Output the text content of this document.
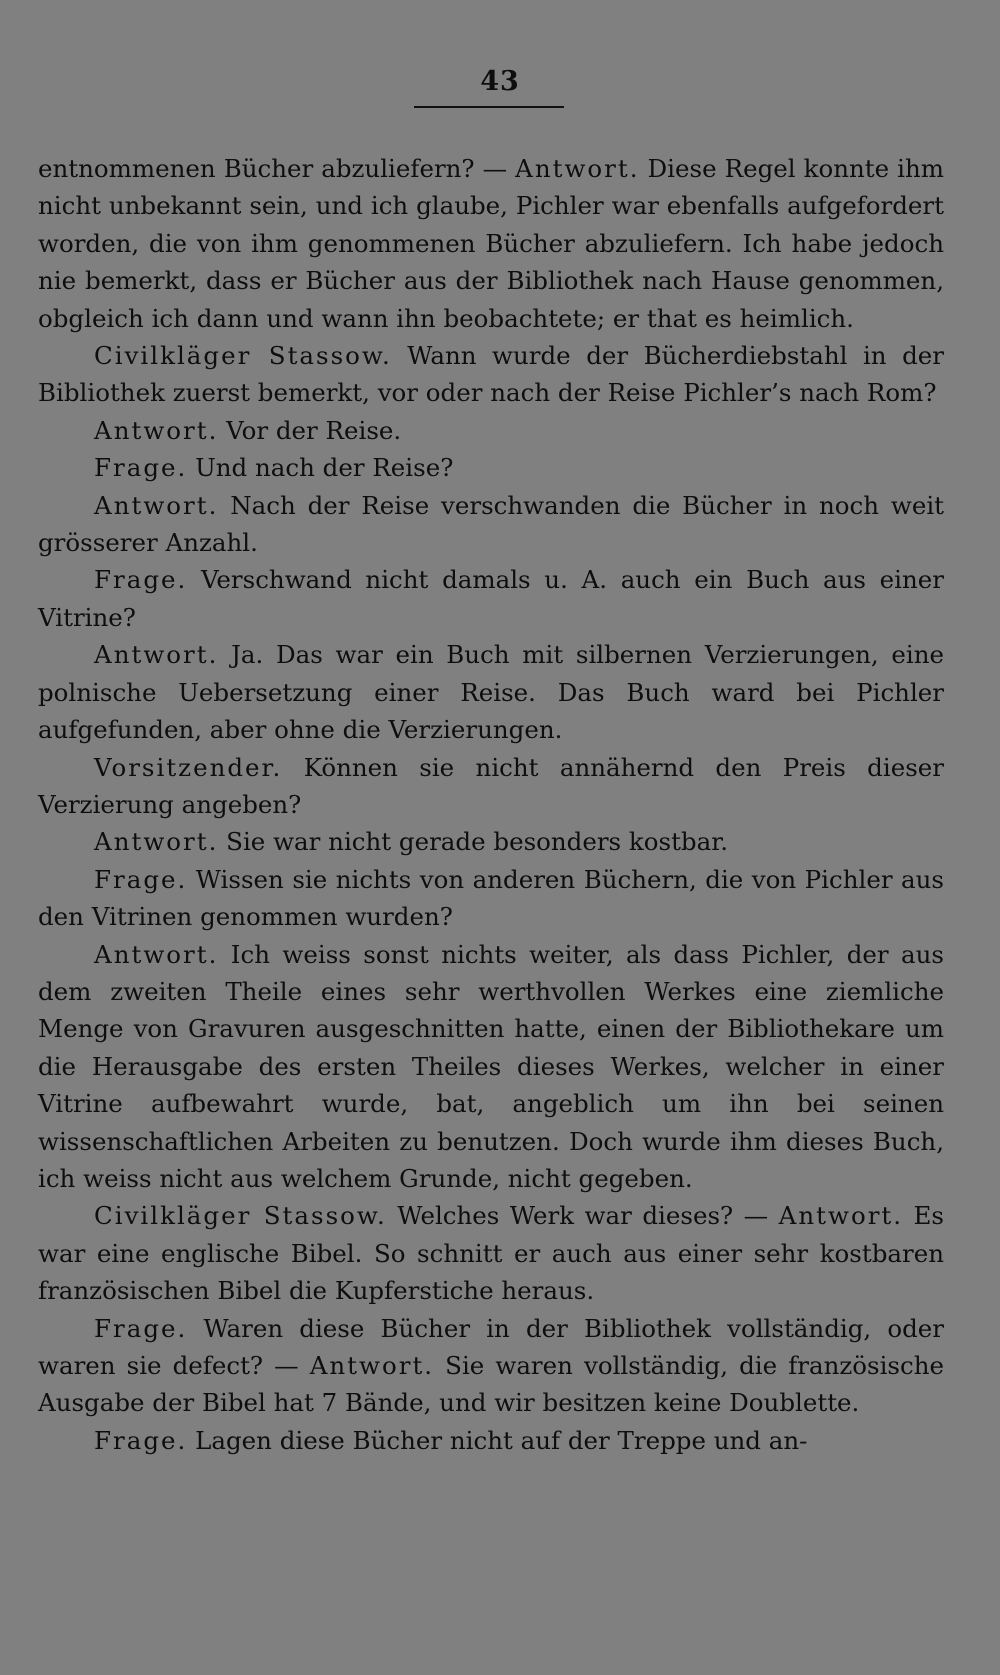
43

entnommenen Bücher abzuliefern? — Antwort. Diese Regel konnte ihm nicht unbekannt sein, und ich glaube, Pichler war ebenfalls aufgefordert worden, die von ihm genommenen Bücher abzuliefern. Ich habe jedoch nie bemerkt, dass er Bücher aus der Bibliothek nach Hause genommen, obgleich ich dann und wann ihn beobachtete; er that es heimlich.

Civilkläger Stassow. Wann wurde der Bücherdiebstahl in der Bibliothek zuerst bemerkt, vor oder nach der Reise Pichler’s nach Rom?

Antwort. Vor der Reise.

Frage. Und nach der Reise?

Antwort. Nach der Reise verschwanden die Bücher in noch weit grösserer Anzahl.

Frage. Verschwand nicht damals u. A. auch ein Buch aus einer Vitrine?

Antwort. Ja. Das war ein Buch mit silbernen Verzierungen, eine polnische Uebersetzung einer Reise. Das Buch ward bei Pichler aufgefunden, aber ohne die Verzierungen.

Vorsitzender. Können sie nicht annähernd den Preis dieser Verzierung angeben?

Antwort. Sie war nicht gerade besonders kostbar.

Frage. Wissen sie nichts von anderen Büchern, die von Pichler aus den Vitrinen genommen wurden?

Antwort. Ich weiss sonst nichts weiter, als dass Pichler, der aus dem zweiten Theile eines sehr werthvollen Werkes eine ziemliche Menge von Gravuren ausgeschnitten hatte, einen der Bibliothekare um die Herausgabe des ersten Theiles dieses Werkes, welcher in einer Vitrine aufbewahrt wurde, bat, angeblich um ihn bei seinen wissenschaftlichen Arbeiten zu benutzen. Doch wurde ihm dieses Buch, ich weiss nicht aus welchem Grunde, nicht gegeben.

Civilkläger Stassow. Welches Werk war dieses? — Antwort. Es war eine englische Bibel. So schnitt er auch aus einer sehr kostbaren französischen Bibel die Kupferstiche heraus.

Frage. Waren diese Bücher in der Bibliothek vollständig, oder waren sie defect? — Antwort. Sie waren vollständig, die französische Ausgabe der Bibel hat 7 Bände, und wir besitzen keine Doublette.

Frage. Lagen diese Bücher nicht auf der Treppe und an-
